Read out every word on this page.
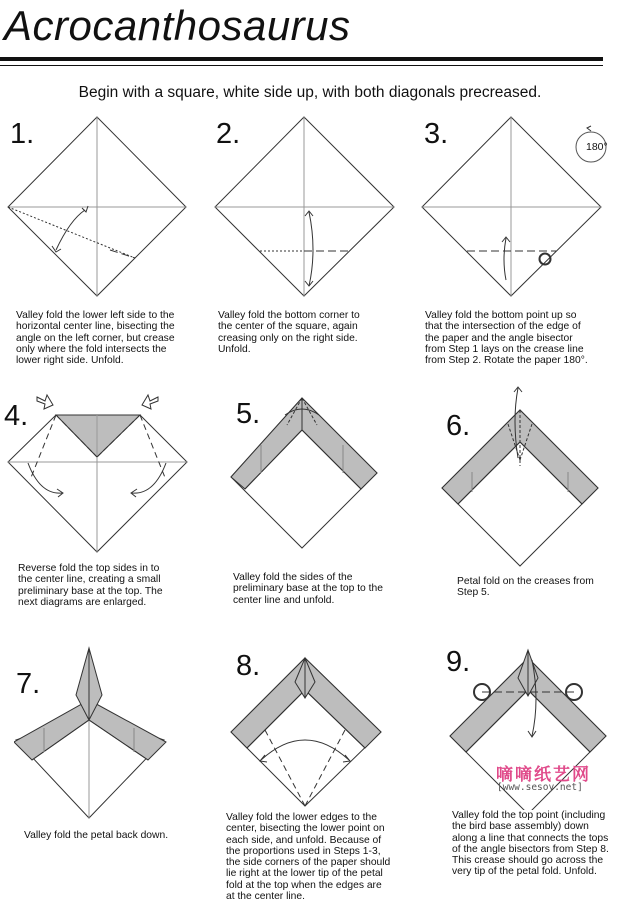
Acrocanthosaurus
Begin with a square, white side up, with both diagonals precreased.
1.
Valley fold the lower left side to the
horizontal center line, bisecting the
angle on the left corner, but crease
only where the fold intersects the
lower right side. Unfold.
2.
Valley fold the bottom corner to
the center of the square, again
creasing only on the right side.
Unfold.
3.	180°
Valley fold the bottom point up so
that the intersection of the edge of
the paper and the angle bisector
from Step 1 lays on the crease line
from Step 2. Rotate the paper 180°.
4.
Reverse fold the top sides in to
the center line, creating a small
preliminary base at the top. The
next diagrams are enlarged.
5.
Valley fold the sides of the
preliminary base at the top to the
center line and unfold.
6.
Petal fold on the creases from
Step 5.
7.
Valley fold the petal back down.
8.
Valley fold the lower edges to the
center, bisecting the lower point on
each side, and unfold. Because of
the proportions used in Steps 1-3,
the side corners of the paper should
lie right at the lower tip of the petal
fold at the top when the edges are
at the center line.
9.
Valley fold the top point (including
the bird base assembly) down
along a line that connects the tops
of the angle bisectors from Step 8.
This crease should go across the
very tip of the petal fold. Unfold.
嘀嘀纸艺网
[www.sesoy.net]
